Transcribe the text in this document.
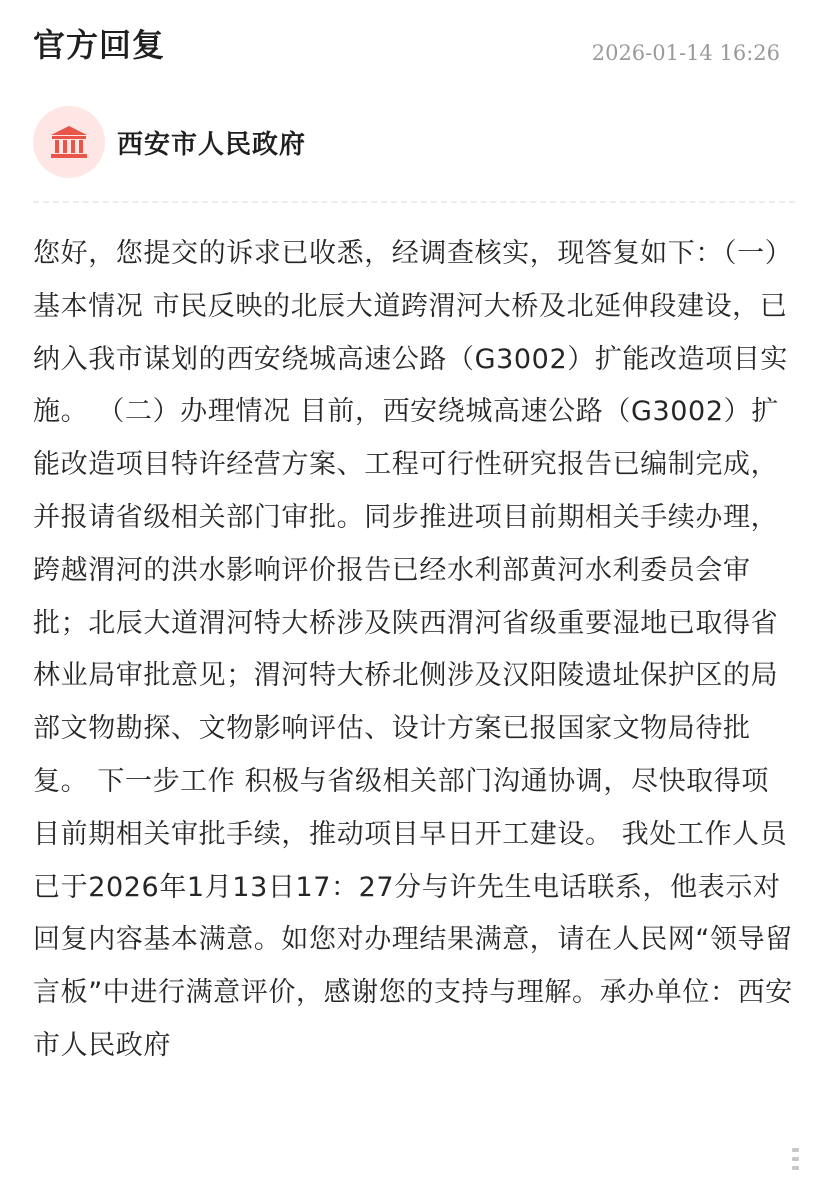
官方回复	2026-01-14 16:26
西安市人民政府

您好，您提交的诉求已收悉，经调查核实，现答复如下：（一）基本情况 市民反映的北辰大道跨渭河大桥及北延伸段建设，已纳入我市谋划的西安绕城高速公路（G3002）扩能改造项目实施。 （二）办理情况 目前，西安绕城高速公路（G3002）扩能改造项目特许经营方案、工程可行性研究报告已编制完成，并报请省级相关部门审批。同步推进项目前期相关手续办理，跨越渭河的洪水影响评价报告已经水利部黄河水利委员会审批；北辰大道渭河特大桥涉及陕西渭河省级重要湿地已取得省林业局审批意见；渭河特大桥北侧涉及汉阳陵遗址保护区的局部文物勘探、文物影响评估、设计方案已报国家文物局待批复。 下一步工作 积极与省级相关部门沟通协调，尽快取得项目前期相关审批手续，推动项目早日开工建设。 我处工作人员已于2026年1月13日17：27分与许先生电话联系，他表示对回复内容基本满意。如您对办理结果满意，请在人民网“领导留言板”中进行满意评价，感谢您的支持与理解。承办单位：西安市人民政府
